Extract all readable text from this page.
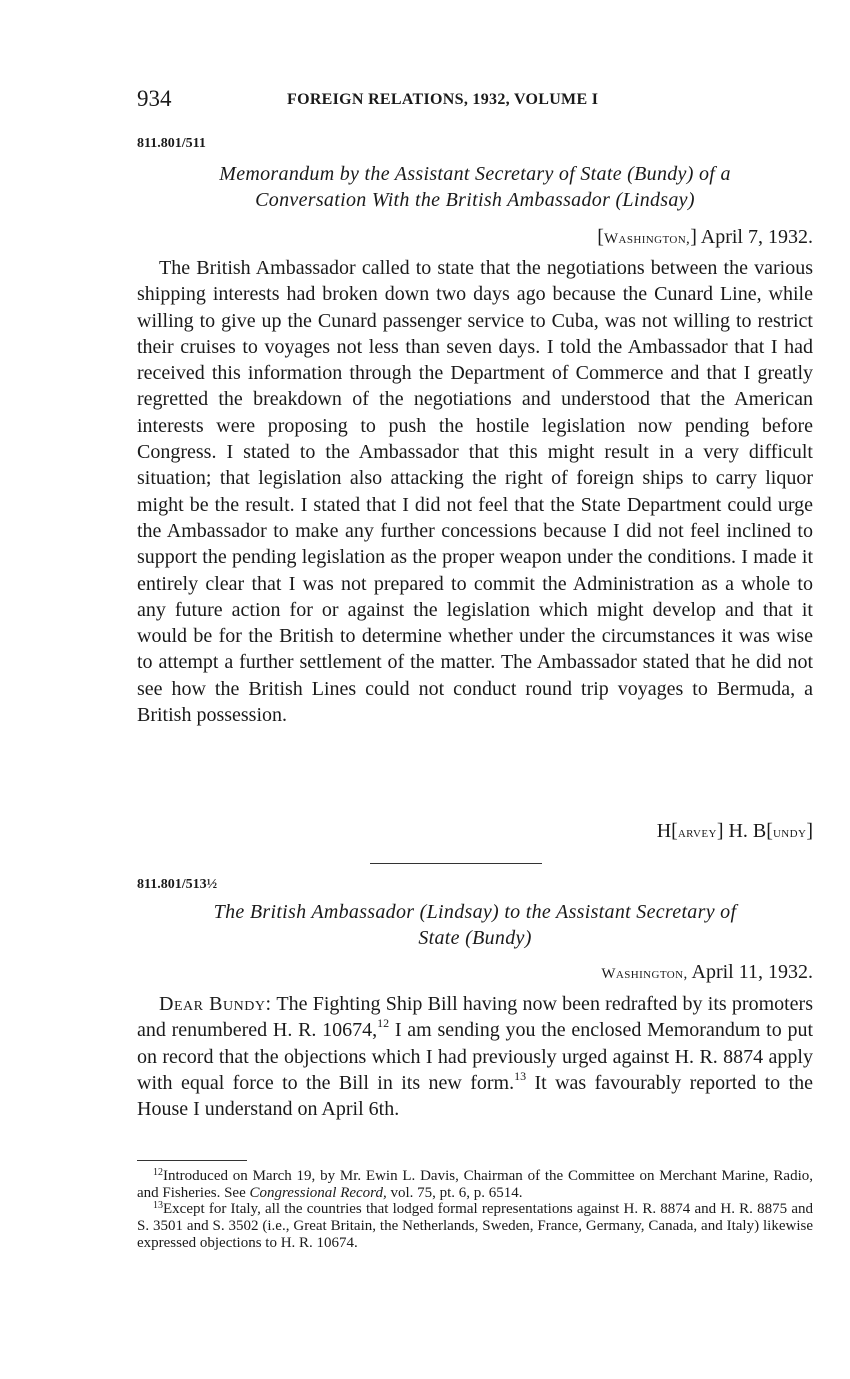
934	FOREIGN RELATIONS, 1932, VOLUME I
811.801/511
Memorandum by the Assistant Secretary of State (Bundy) of a
Conversation With the British Ambassador (Lindsay)
[Washington,] April 7, 1932.

The British Ambassador called to state that the negotiations between the various shipping interests had broken down two days ago because the Cunard Line, while willing to give up the Cunard passenger service to Cuba, was not willing to restrict their cruises to voyages not less than seven days. I told the Ambassador that I had received this information through the Department of Commerce and that I greatly regretted the breakdown of the negotiations and understood that the American interests were proposing to push the hostile legislation now pending before Congress. I stated to the Ambassador that this might result in a very difficult situation; that legislation also attacking the right of foreign ships to carry liquor might be the result. I stated that I did not feel that the State Department could urge the Ambassador to make any further concessions because I did not feel inclined to support the pending legislation as the proper weapon under the conditions. I made it entirely clear that I was not prepared to commit the Administration as a whole to any future action for or against the legislation which might develop and that it would be for the British to determine whether under the circumstances it was wise to attempt a further settlement of the matter. The Ambassador stated that he did not see how the British Lines could not conduct round trip voyages to Bermuda, a British possession.

H[arvey] H. B[undy]
811.801/513½
The British Ambassador (Lindsay) to the Assistant Secretary of
State (Bundy)
Washington, April 11, 1932.

Dear Bundy: The Fighting Ship Bill having now been redrafted by its promoters and renumbered H. R. 10674,12 I am sending you the enclosed Memorandum to put on record that the objections which I had previously urged against H. R. 8874 apply with equal force to the Bill in its new form.$^{13}$ It was favourably reported to the House I understand on April 6th.

$^{12}$Introduced on March 19, by Mr. Ewin L. Davis, Chairman of the Committee on Merchant Marine, Radio, and Fisheries. See Congressional Record, vol. 75, pt. 6, p. 6514.

$^{13}$Except for Italy, all the countries that lodged formal representations against H. R. 8874 and H. R. 8875 and S. 3501 and S. 3502 (i.e., Great Britain, the Netherlands, Sweden, France, Germany, Canada, and Italy) likewise expressed objections to H. R. 10674.
